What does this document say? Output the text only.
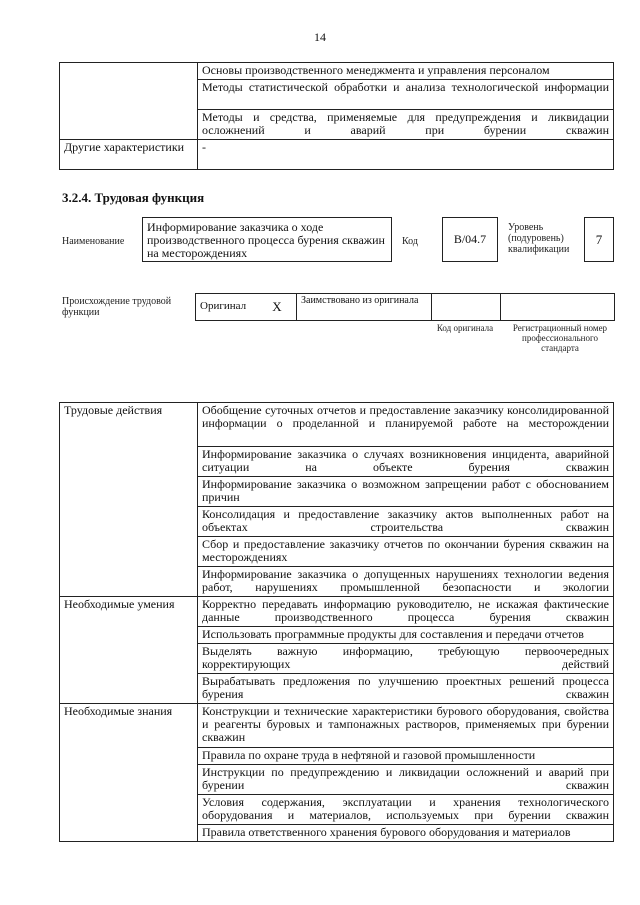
14
	Основы производственного менеджмента и управления персоналом
	Методы статистической обработки и анализа технологической информации
	Методы и средства, применяемые для предупреждения и ликвидации осложнений и аварий при бурении скважин
Другие характеристики	-
3.2.4. Трудовая функция
Наименование
Информирование заказчика о ходе производственного процесса бурения скважин на месторождениях
Код	B/04.7
Уровень (подуровень) квалификации
7
Происхождение трудовой функции
Оригинал	X	Заимствовано из оригинала		
Код оригинала	Регистрационный номер профессионального стандарта
Трудовые действия	Обобщение суточных отчетов и предоставление заказчику консолидированной информации о проделанной и планируемой работе на месторождении
	Информирование заказчика о случаях возникновения инцидента, аварийной ситуации на объекте бурения скважин
	Информирование заказчика о возможном запрещении работ с обоснованием причин
	Консолидация и предоставление заказчику актов выполненных работ на объектах строительства скважин
	Сбор и предоставление заказчику отчетов по окончании бурения скважин на месторождениях
	Информирование заказчика о допущенных нарушениях технологии ведения работ, нарушениях промышленной безопасности и экологии
Необходимые умения	Корректно передавать информацию руководителю, не искажая фактические данные производственного процесса бурения скважин
	Использовать программные продукты для составления и передачи отчетов
	Выделять важную информацию, требующую первоочередных корректирующих действий
	Вырабатывать предложения по улучшению проектных решений процесса бурения скважин
Необходимые знания	Конструкции и технические характеристики бурового оборудования, свойства и реагенты буровых и тампонажных растворов, применяемых при бурении скважин
	Правила по охране труда в нефтяной и газовой промышленности
	Инструкции по предупреждению и ликвидации осложнений и аварий при бурении скважин
	Условия содержания, эксплуатации и хранения технологического оборудования и материалов, используемых при бурении скважин
	Правила ответственного хранения бурового оборудования и материалов
